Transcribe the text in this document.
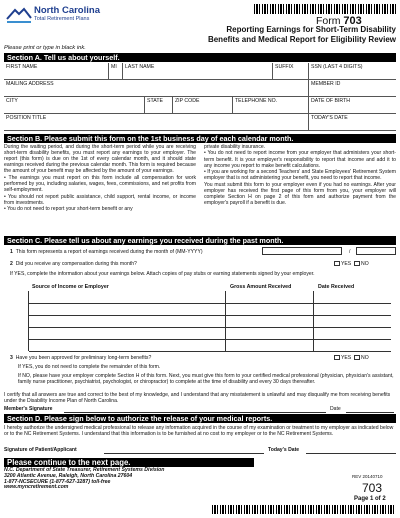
North Carolina
Total Retirement Plans	Form 703
Reporting Earnings for Short-Term Disability
Benefits and Medical Report for Eligibility Review
Please print or type in black ink.
Section A. Tell us about yourself.
FIRST NAME	MI	LAST NAME	SUFFIX	SSN (LAST 4 DIGITS)
MAILING ADDRESS	MEMBER ID
CITY	STATE	ZIP CODE	TELEPHONE NO.	DATE OF BIRTH
POSITION TITLE	TODAY'S DATE
Section B. Please submit this form on the 1st business day of each calendar month.

During the waiting period, and during the short-term period while you are receiving short-term disability benefits, you must report any earnings to your employer. The report (this form) is due on the 1st of every calendar month, and it should state earnings received during the previous calendar month. This form is required because the amount of your benefit may be affected by the amount of your earnings.

• The earnings you must report on this form include all compensation for work performed by you, including salaries, wages, fees, commissions, and net profits from self-employment.

• You should not report public assistance, child support, rental income, or income from investments.

• You do not need to report your short-term benefit or any

private disability insurance.

• You do not need to report income from your employer that administers your short-term benefit. It is your employer's responsibility to report that income and add it to any income you report to make benefit calculations.

• If you are working for a second Teachers' and State Employees' Retirement System employer that is not administering your benefit, you need to report that income.

You must submit this form to your employer even if you had no earnings. After your employer has received the first page of this form from you, your employer will complete Section H on page 2 of this form and authorize payment from the employer's payroll if a benefit is due.

Section C. Please tell us about any earnings you received during the past month.
1 This form represents a report of earnings received during the month of (MM-YYYY)	/
2 Did you receive any compensation during this month?	YES NO
If YES, complete the information about your earnings below. Attach copies of pay stubs or earning statements signed by your employer.
Source of Income or Employer	Gross Amount Received	Date Received
3 Have you been approved for preliminary long-term benefits?	YES NO
If YES, you do not need to complete the remainder of this form.
If NO, please have your employer complete Section H of this form. Next, you must give this form to your certified medical professional (physician, physician's assistant, family nurse practitioner, psychiatrist, psychologist, or chiropractor) to complete at the time of disability and every 30 days thereafter.
I certify that all answers are true and correct to the best of my knowledge, and I understand that any misstatement is unlawful and may disqualify me from receiving benefits under the Disability Income Plan of North Carolina.
Member's Signature	Date
Section D. Please sign below to authorize the release of your medical reports.
I hereby authorize the undersigned medical professional to release any information acquired in the course of my examination or treatment to my employer as indicated below or to the NC Retirement Systems. I understand that this information is to be furnished at no cost to my employer or to the NC Retirement Systems.
Signature of Patient/Applicant	Today's Date
Please continue to the next page.
N.C. Department of State Treasurer, Retirement Systems Division
3200 Atlantic Avenue, Raleigh, North Carolina 27604
1-877-NCSECURE (1-877-627-3287) toll-free
www.myncretirement.com
REV 20140710
703
Page 1 of 2
